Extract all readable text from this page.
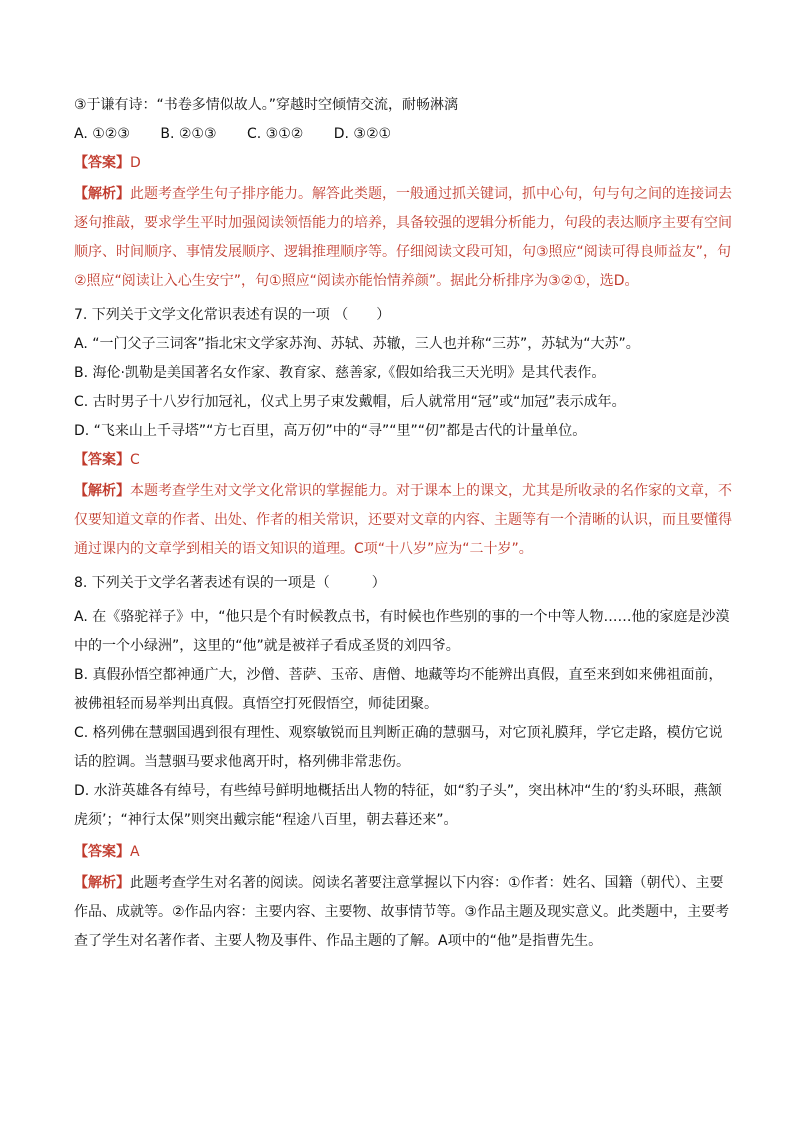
③于谦有诗：“书卷多情似故人。”穿越时空倾情交流，耐畅淋漓
A. ①②③ B. ②①③ C. ③①② D. ③②①
【答案】D
【解析】此题考查学生句子排序能力。解答此类题，一般通过抓关键词，抓中心句，句与句之间的连接词去逐句推敲，要求学生平时加强阅读领悟能力的培养，具备较强的逻辑分析能力，句段的表达顺序主要有空间顺序、时间顺序、事情发展顺序、逻辑推理顺序等。仔细阅读文段可知，句③照应“阅读可得良师益友”，句②照应“阅读让入心生安宁”，句①照应“阅读亦能怡情养颜”。据此分析排序为③②①，选D。
7. 下列关于文学文化常识表述有误的一项 （　　）
A. “一门父子三词客”指北宋文学家苏洵、苏轼、苏辙，三人也并称“三苏”，苏轼为“大苏”。
B. 海伦·凯勒是美国著名女作家、教育家、慈善家,《假如给我三天光明》是其代表作。
C. 古时男子十八岁行加冠礼，仪式上男子束发戴帽，后人就常用“冠”或“加冠”表示成年。
D. “飞来山上千寻塔”“方七百里，高万仞”中的“寻”“里”“仞”都是古代的计量单位。
【答案】C
【解析】本题考查学生对文学文化常识的掌握能力。对于课本上的课文，尤其是所收录的名作家的文章，不仅要知道文章的作者、出处、作者的相关常识，还要对文章的内容、主题等有一个清晰的认识，而且要懂得通过课内的文章学到相关的语文知识的道理。C项“十八岁”应为“二十岁”。
8. 下列关于文学名著表述有误的一项是（　　　）
A. 在《骆驼祥子》中，“他只是个有时候教点书，有时候也作些别的事的一个中等人物……他的家庭是沙漠中的一个小绿洲”，这里的“他”就是被祥子看成圣贤的刘四爷。
B. 真假孙悟空都神通广大，沙僧、菩萨、玉帝、唐僧、地藏等均不能辨出真假，直至来到如来佛祖面前，被佛祖轻而易举判出真假。真悟空打死假悟空，师徒团聚。
C. 格列佛在慧骃国遇到很有理性、观察敏锐而且判断正确的慧骃马，对它顶礼膜拜，学它走路，模仿它说话的腔调。当慧骃马要求他离开时，格列佛非常悲伤。
D. 水浒英雄各有绰号，有些绰号鲜明地概括出人物的特征，如“豹子头”，突出林冲“生的‘豹头环眼，燕颔虎须’；“神行太保”则突出戴宗能“程途八百里，朝去暮还来”。
【答案】A
【解析】此题考查学生对名著的阅读。阅读名著要注意掌握以下内容：①作者：姓名、国籍（朝代）、主要作品、成就等。②作品内容：主要内容、主要物、故事情节等。③作品主题及现实意义。此类题中，主要考查了学生对名著作者、主要人物及事件、作品主题的了解。A项中的“他”是指曹先生。
